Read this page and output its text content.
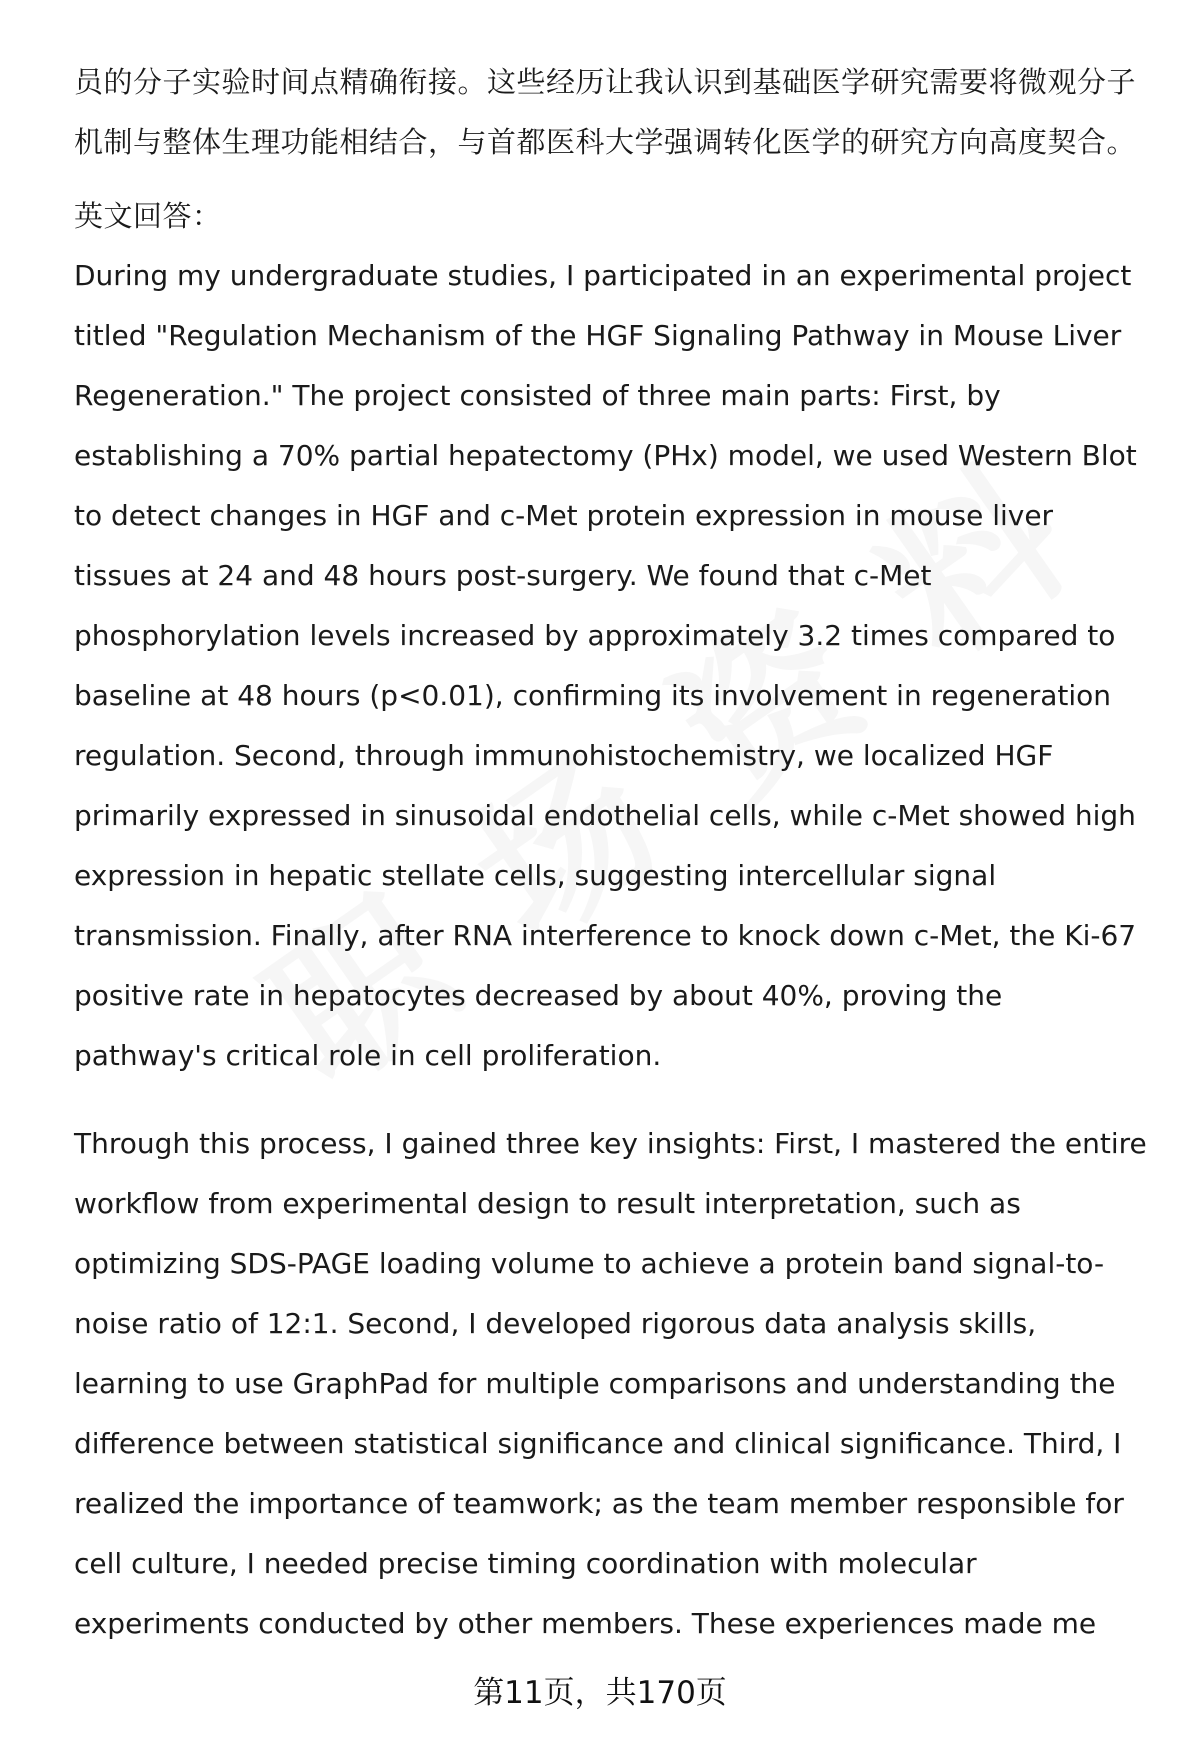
员的分子实验时间点精确衔接。这些经历让我认识到基础医学研究需要将微观分子
机制与整体生理功能相结合，与首都医科大学强调转化医学的研究方向高度契合。
英文回答：
During my undergraduate studies, I participated in an experimental project
titled "Regulation Mechanism of the HGF Signaling Pathway in Mouse Liver
Regeneration." The project consisted of three main parts: First, by
establishing a 70% partial hepatectomy (PHx) model, we used Western Blot
to detect changes in HGF and c-Met protein expression in mouse liver
tissues at 24 and 48 hours post-surgery. We found that c-Met
phosphorylation levels increased by approximately 3.2 times compared to
baseline at 48 hours (p<0.01), confirming its involvement in regeneration
regulation. Second, through immunohistochemistry, we localized HGF
primarily expressed in sinusoidal endothelial cells, while c-Met showed high
expression in hepatic stellate cells, suggesting intercellular signal
transmission. Finally, after RNA interference to knock down c-Met, the Ki-67
positive rate in hepatocytes decreased by about 40%, proving the
pathway's critical role in cell proliferation.
Through this process, I gained three key insights: First, I mastered the entire
workflow from experimental design to result interpretation, such as
optimizing SDS-PAGE loading volume to achieve a protein band signal-to-
noise ratio of 12:1. Second, I developed rigorous data analysis skills,
learning to use GraphPad for multiple comparisons and understanding the
difference between statistical significance and clinical significance. Third, I
realized the importance of teamwork; as the team member responsible for
cell culture, I needed precise timing coordination with molecular
experiments conducted by other members. These experiences made me
第11页，共170页
